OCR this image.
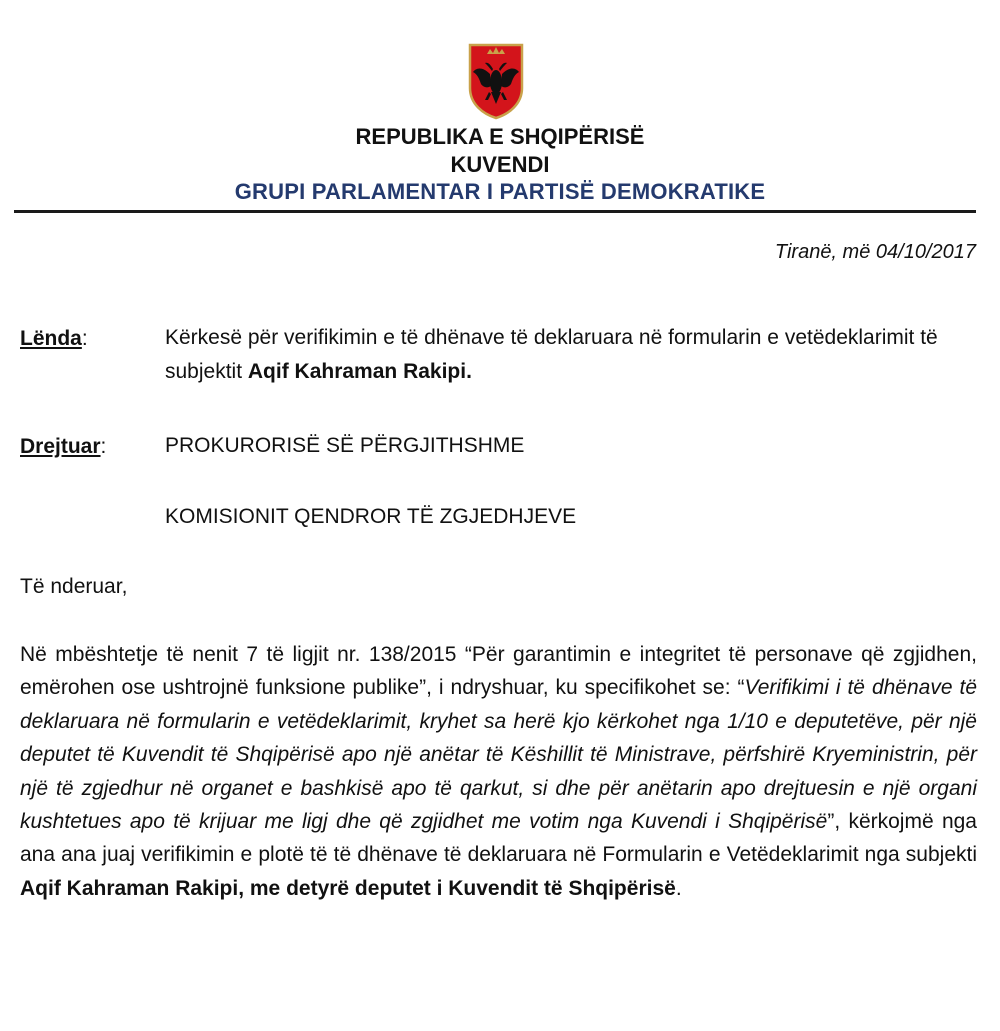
REPUBLIKA E SHQIPËRISË
KUVENDI
GRUPI PARLAMENTAR I PARTISË DEMOKRATIKE
Tiranë, më 04/10/2017
Lënda:	Kërkesë për verifikimin e të dhënave të deklaruara në formularin e vetëdeklarimit të subjektit Aqif Kahraman Rakipi.
Drejtuar:	PROKURORISË SË PËRGJITHSHME
KOMISIONIT QENDROR TË ZGJEDHJEVE
Të nderuar,
Në mbështetje të nenit 7 të ligjit nr. 138/2015 “Për garantimin e integritet të personave që zgjidhen, emërohen ose ushtrojnë funksione publike”, i ndryshuar, ku specifikohet se: “Verifikimi i të dhënave të deklaruara në formularin e vetëdeklarimit, kryhet sa herë kjo kërkohet nga 1/10 e deputetëve, për një deputet të Kuvendit të Shqipërisë apo një anëtar të Këshillit të Ministrave, përfshirë Kryeministrin, për një të zgjedhur në organet e bashkisë apo të qarkut, si dhe për anëtarin apo drejtuesin e një organi kushtetues apo të krijuar me ligj dhe që zgjidhet me votim nga Kuvendi i Shqipërisë”, kërkojmë nga ana ana juaj verifikimin e plotë të të dhënave të deklaruara në Formularin e Vetëdeklarimit nga subjekti Aqif Kahraman Rakipi, me detyrë deputet i Kuvendit të Shqipërisë.
